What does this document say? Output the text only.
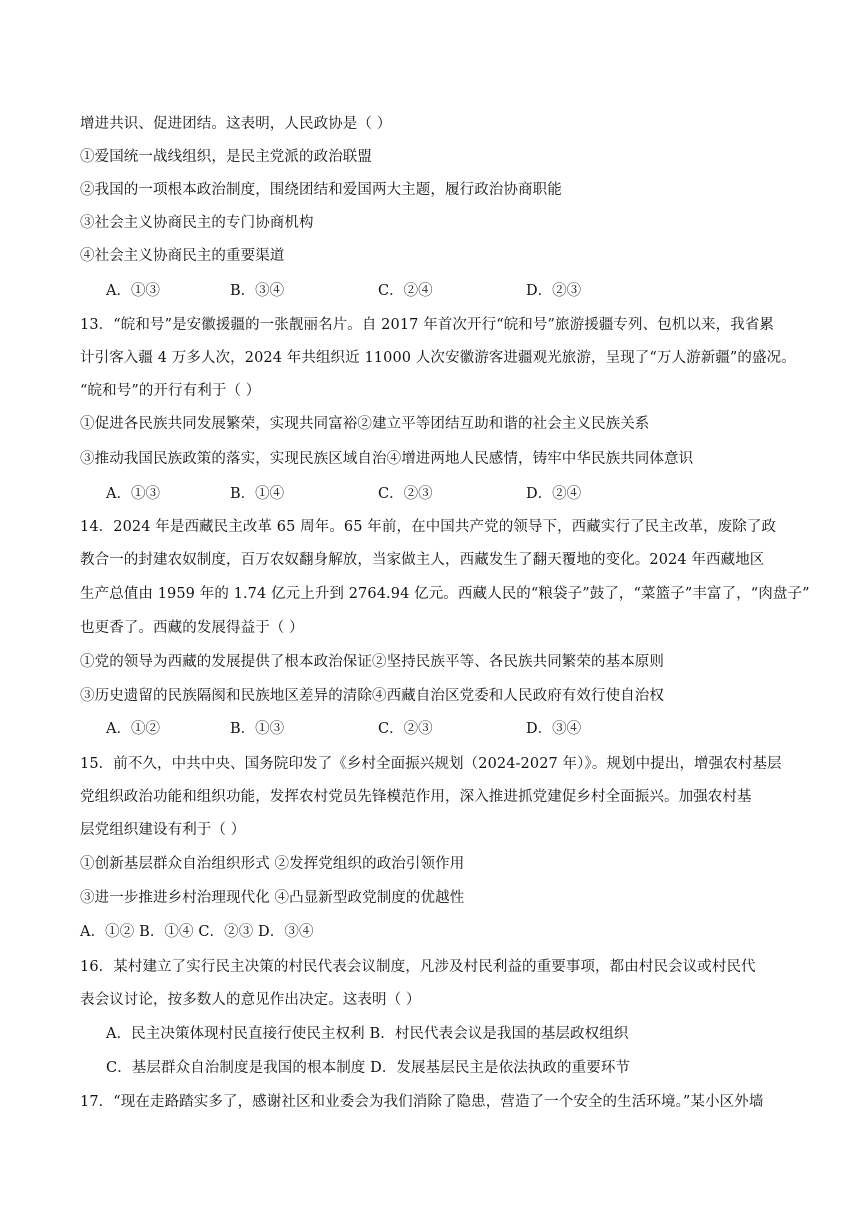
增进共识、促进团结。这表明，人民政协是（ ）
①爱国统一战线组织，是民主党派的政治联盟
②我国的一项根本政治制度，围绕团结和爱国两大主题，履行政治协商职能
③社会主义协商民主的专门协商机构
④社会主义协商民主的重要渠道
A．①③	B．③④	C．②④	D．②③
13．“皖和号”是安徽援疆的一张靓丽名片。自 2017 年首次开行“皖和号”旅游援疆专列、包机以来，我省累
计引客入疆 4 万多人次，2024 年共组织近 11000 人次安徽游客进疆观光旅游，呈现了“万人游新疆”的盛况。
“皖和号”的开行有利于（ ）
①促进各民族共同发展繁荣，实现共同富裕②建立平等团结互助和谐的社会主义民族关系
③推动我国民族政策的落实，实现民族区域自治④增进两地人民感情，铸牢中华民族共同体意识
A．①③	B．①④	C．②③	D．②④
14．2024 年是西藏民主改革 65 周年。65 年前，在中国共产党的领导下，西藏实行了民主改革，废除了政
教合一的封建农奴制度，百万农奴翻身解放，当家做主人，西藏发生了翻天覆地的变化。2024 年西藏地区
生产总值由 1959 年的 1.74 亿元上升到 2764.94 亿元。西藏人民的“粮袋子”鼓了，“菜篮子”丰富了，“肉盘子”
也更香了。西藏的发展得益于（ ）
①党的领导为西藏的发展提供了根本政治保证②坚持民族平等、各民族共同繁荣的基本原则
③历史遗留的民族隔阂和民族地区差异的清除④西藏自治区党委和人民政府有效行使自治权
A．①②	B．①③	C．②③	D．③④
15．前不久，中共中央、国务院印发了《乡村全面振兴规划（2024-2027 年）》。规划中提出，增强农村基层
党组织政治功能和组织功能，发挥农村党员先锋模范作用，深入推进抓党建促乡村全面振兴。加强农村基
层党组织建设有利于（ ）
①创新基层群众自治组织形式 ②发挥党组织的政治引领作用
③进一步推进乡村治理现代化 ④凸显新型政党制度的优越性
A．①② B．①④ C．②③ D．③④
16．某村建立了实行民主决策的村民代表会议制度，凡涉及村民利益的重要事项，都由村民会议或村民代
表会议讨论，按多数人的意见作出决定。这表明（ ）
A．民主决策体现村民直接行使民主权利 B．村民代表会议是我国的基层政权组织
C．基层群众自治制度是我国的根本制度 D．发展基层民主是依法执政的重要环节
17．“现在走路踏实多了，感谢社区和业委会为我们消除了隐患，营造了一个安全的生活环境。”某小区外墙
